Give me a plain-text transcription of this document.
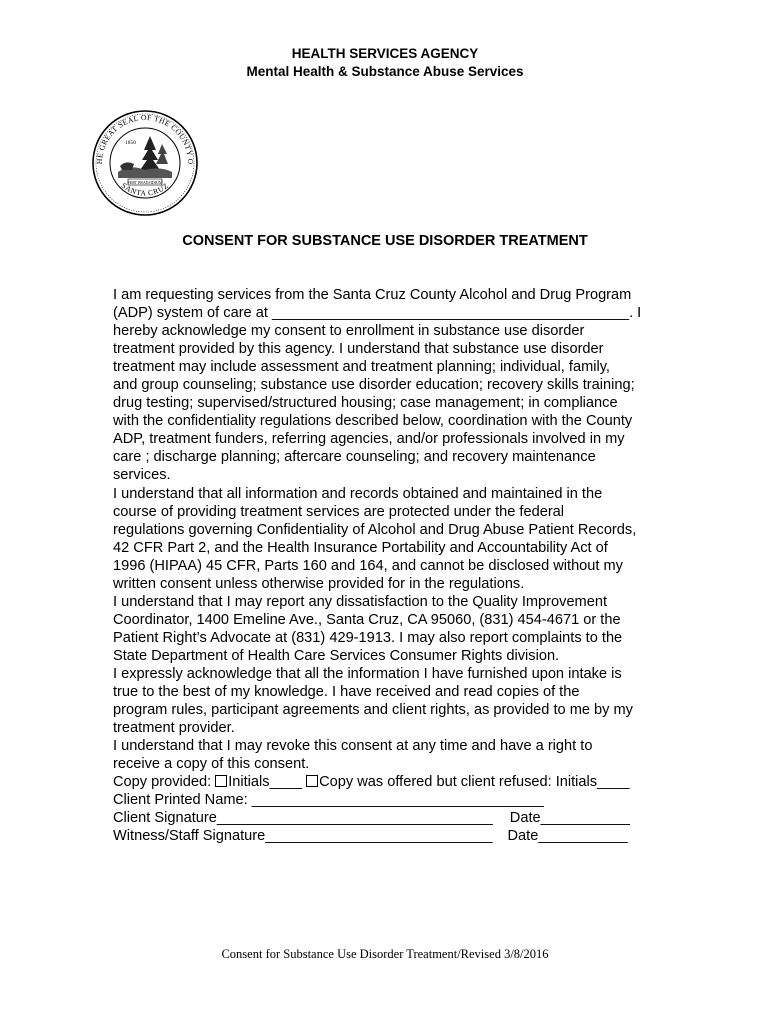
HEALTH SERVICES AGENCY
Mental Health & Substance Abuse Services
HE GREAT SEAL OF THE COUNTY O
SANTA CRUZ
1850
FERT PRAESIDIUM
CONSENT FOR SUBSTANCE USE DISORDER TREATMENT

I am requesting services from the Santa Cruz County Alcohol and Drug Program
(ADP) system of care at ____________________________________________. I
hereby acknowledge my consent to enrollment in substance use disorder
treatment provided by this agency. I understand that substance use disorder
treatment may include assessment and treatment planning; individual, family,
and group counseling; substance use disorder education; recovery skills training;
drug testing; supervised/structured housing; case management; in compliance
with the confidentiality regulations described below, coordination with the County
ADP, treatment funders, referring agencies, and/or professionals involved in my
care ; discharge planning; aftercare counseling; and recovery maintenance
services.

I understand that all information and records obtained and maintained in the
course of providing treatment services are protected under the federal
regulations governing Confidentiality of Alcohol and Drug Abuse Patient Records,
42 CFR Part 2, and the Health Insurance Portability and Accountability Act of
1996 (HIPAA) 45 CFR, Parts 160 and 164, and cannot be disclosed without my
written consent unless otherwise provided for in the regulations.

I understand that I may report any dissatisfaction to the Quality Improvement
Coordinator, 1400 Emeline Ave., Santa Cruz, CA 95060, (831) 454-4671 or the
Patient Right’s Advocate at (831) 429-1913. I may also report complaints to the
State Department of Health Care Services Consumer Rights division.

I expressly acknowledge that all the information I have furnished upon intake is
true to the best of my knowledge. I have received and read copies of the
program rules, participant agreements and client rights, as provided to me by my
treatment provider.

I understand that I may revoke this consent at any time and have a right to
receive a copy of this consent.

Copy provided: Initials____ Copy was offered but client refused: Initials____
Client Printed Name: ____________________________________
Client Signature__________________________________ Date___________
Witness/Staff Signature____________________________ Date___________
Consent for Substance Use Disorder Treatment/Revised 3/8/2016
